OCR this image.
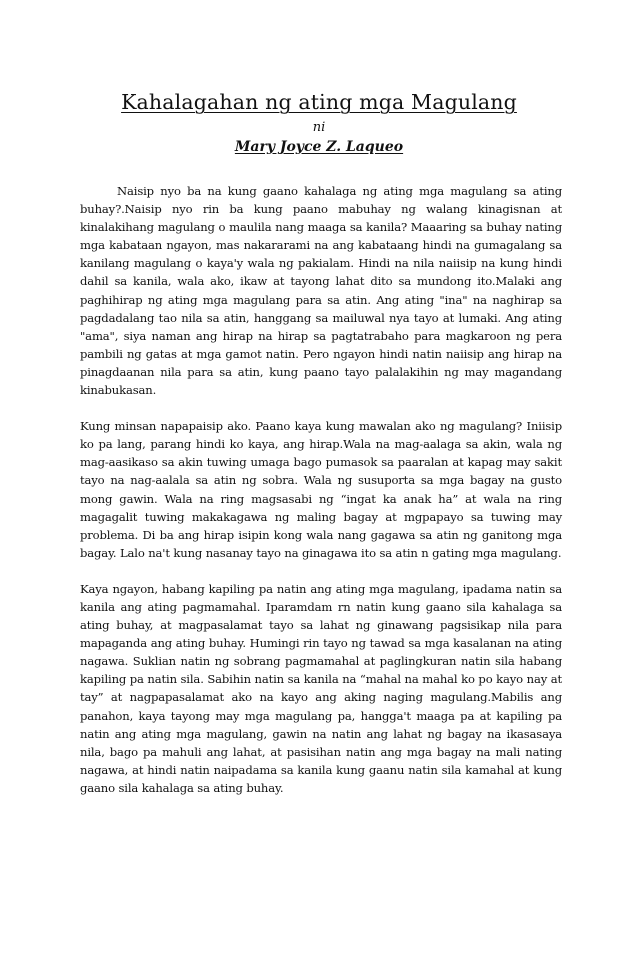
Kahalagahan ng ating mga Magulang
ni
Mary Joyce Z. Laqueo

Naisip nyo ba na kung gaano kahalaga ng ating mga magulang sa ating buhay?.Naisip nyo rin ba kung paano mabuhay ng walang kinagisnan at kinalakihang magulang o maulila nang maaga sa kanila? Maaaring sa buhay nating mga kabataan ngayon, mas nakararami na ang kabataang hindi na gumagalang sa kanilang magulang o kaya'y wala ng pakialam. Hindi na nila naiisip na kung hindi dahil sa kanila, wala ako, ikaw at tayong lahat dito sa mundong ito.Malaki ang paghihirap ng ating mga magulang para sa atin. Ang ating "ina" na naghirap sa pagdadalang tao nila sa atin, hanggang sa mailuwal nya tayo at lumaki. Ang ating "ama", siya naman ang hirap na hirap sa pagtatrabaho para magkaroon ng pera pambili ng gatas at mga gamot natin. Pero ngayon hindi natin naiisip ang hirap na pinagdaanan nila para sa atin, kung paano tayo palalakihin ng may magandang kinabukasan.

Kung minsan napapaisip ako. Paano kaya kung mawalan ako ng magulang? Iniisip ko pa lang, parang hindi ko kaya, ang hirap.Wala na mag-aalaga sa akin, wala ng mag-aasikaso sa akin tuwing umaga bago pumasok sa paaralan at kapag may sakit tayo na nag-aalala sa atin ng sobra. Wala ng susuporta sa mga bagay na gusto mong gawin. Wala na ring magsasabi ng “ingat ka anak ha” at wala na ring magagalit tuwing makakagawa ng maling bagay at mgpapayo sa tuwing may problema. Di ba ang hirap isipin kong wala nang gagawa sa atin ng ganitong mga bagay. Lalo na't kung nasanay tayo na ginagawa ito sa atin n gating mga magulang.

Kaya ngayon, habang kapiling pa natin ang ating mga magulang, ipadama natin sa kanila ang ating pagmamahal. Iparamdam rn natin kung gaano sila kahalaga sa ating buhay, at magpasalamat tayo sa lahat ng ginawang pagsisikap nila para mapaganda ang ating buhay. Humingi rin tayo ng tawad sa mga kasalanan na ating nagawa. Suklian natin ng sobrang pagmamahal at paglingkuran natin sila habang kapiling pa natin sila. Sabihin natin sa kanila na “mahal na mahal ko po kayo nay at tay” at nagpapasalamat ako na kayo ang aking naging magulang.Mabilis ang panahon, kaya tayong may mga magulang pa, hangga't maaga pa at kapiling pa natin ang ating mga magulang, gawin na natin ang lahat ng bagay na ikasasaya nila, bago pa mahuli ang lahat, at pasisihan natin ang mga bagay na mali nating nagawa, at hindi natin naipadama sa kanila kung gaanu natin sila kamahal at kung gaano sila kahalaga sa ating buhay.
